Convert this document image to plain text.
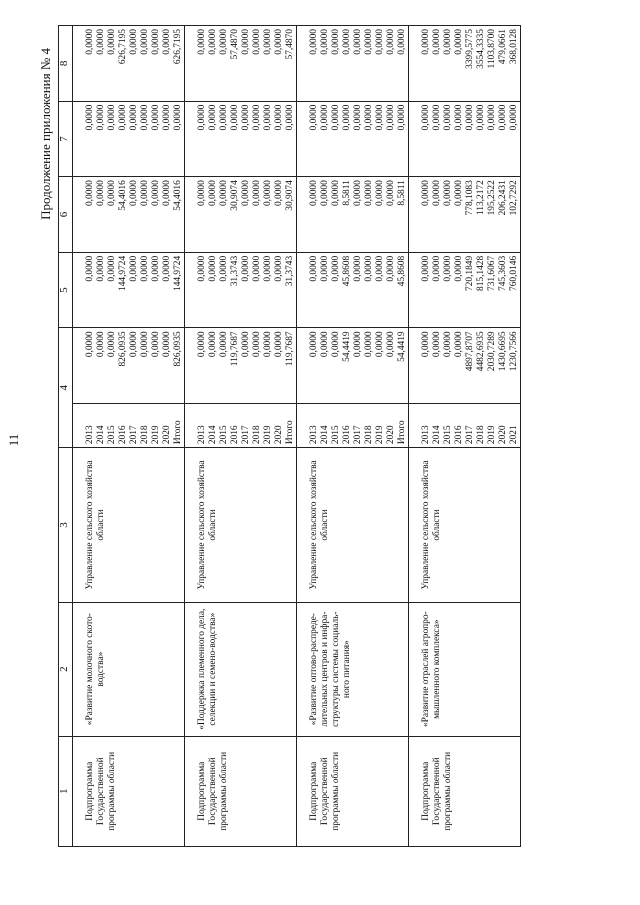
11
Продолжение приложения № 4
1	2	3	4		5	6	7	8
Подпрограмма Государственной программы области	«Развитие молочного ското-водства»	Управление сельского хозяйства области	2013	0,0000	0,0000	0,0000	0,0000	0,0000
			2014	0,0000	0,0000	0,0000	0,0000	0,0000
			2015	0,0000	0,0000	0,0000	0,0000	0,0000
			2016	826,0935	144,9724	54,4016	0,0000	626,7195
			2017	0,0000	0,0000	0,0000	0,0000	0,0000
			2018	0,0000	0,0000	0,0000	0,0000	0,0000
			2019	0,0000	0,0000	0,0000	0,0000	0,0000
			2020	0,0000	0,0000	0,0000	0,0000	0,0000
			Итого	826,0935	144,9724	54,4016	0,0000	626,7195
Подпрограмма Государственной программы области	«Поддержка племенного дела, селекции и семено-водства»	Управление сельского хозяйства области	2013	0,0000	0,0000	0,0000	0,0000	0,0000
			2014	0,0000	0,0000	0,0000	0,0000	0,0000
			2015	0,0000	0,0000	0,0000	0,0000	0,0000
			2016	119,7687	31,3743	30,9074	0,0000	57,4870
			2017	0,0000	0,0000	0,0000	0,0000	0,0000
			2018	0,0000	0,0000	0,0000	0,0000	0,0000
			2019	0,0000	0,0000	0,0000	0,0000	0,0000
			2020	0,0000	0,0000	0,0000	0,0000	0,0000
			Итого	119,7687	31,3743	30,9074	0,0000	57,4870
Подпрограмма Государственной программы области	«Развитие оптово-распреде-лительных центров и инфра-структуры системы социаль-ного питания»	Управление сельского хозяйства области	2013	0,0000	0,0000	0,0000	0,0000	0,0000
			2014	0,0000	0,0000	0,0000	0,0000	0,0000
			2015	0,0000	0,0000	0,0000	0,0000	0,0000
			2016	54,4419	45,8608	8,5811	0,0000	0,0000
			2017	0,0000	0,0000	0,0000	0,0000	0,0000
			2018	0,0000	0,0000	0,0000	0,0000	0,0000
			2019	0,0000	0,0000	0,0000	0,0000	0,0000
			2020	0,0000	0,0000	0,0000	0,0000	0,0000
			Итого	54,4419	45,8608	8,5811	0,0000	0,0000
Подпрограмма Государственной программы области	«Развитие отраслей агропро-мышленного комплекса»	Управление сельского хозяйства области	2013	0,0000	0,0000	0,0000	0,0000	0,0000
			2014	0,0000	0,0000	0,0000	0,0000	0,0000
			2015	0,0000	0,0000	0,0000	0,0000	0,0000
			2016	0,0000	0,0000	0,0000	0,0000	0,0000
			2017	4897,8707	720,1849	778,1083	0,0000	3399,5775
			2018	4482,6935	815,1428	113,2172	0,0000	3554,3335
			2019	2030,7289	731,6067	195,2522	0,0000	1103,8700
			2020	1430,6695	745,3603	206,2431	0,0000	479,0661
			2021	1230,7566	760,0146	102,7292	0,0000	368,0128
